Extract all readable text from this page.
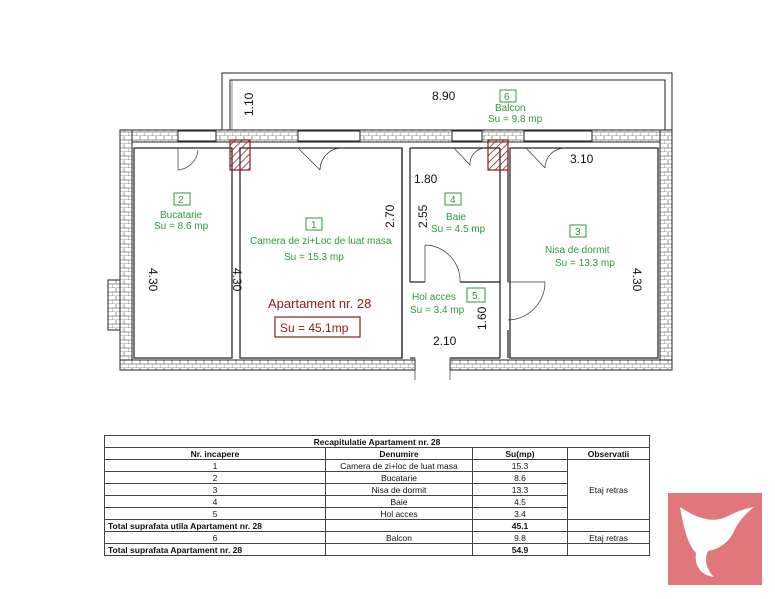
8.90
1.10
3.10
1.80
2.70 2.55
4.30	4.30	4.30
1.60
2.10
6
Balcon
Su = 9.8 mp
2
Bucatarie
Su = 8.6 mp	1
Camera de zi+Loc de luat masa
Su = 15.3 mp
4
Baie
Su = 4.5 mp	3
Nisa de dormit
Su = 13.3 mp
5
Hol acces
Su = 3.4 mp
Apartament nr. 28
Su = 45.1mp
Recapitulatie Apartament nr. 28			
Nr. incapere	Denumire	Su(mp)	Observatii
1	Camera de zi+loc de luat masa	15.3	Etaj retras
2	Bucatarie	8.6	
3	Nisa de dormit	13.3	
4	Baie	4.5	
5	Hol acces	3.4	
Total suprafata utila Apartament nr. 28		45.1	
6	Balcon	9.8	Etaj retras
Total suprafata Apartament nr. 28		54.9	
